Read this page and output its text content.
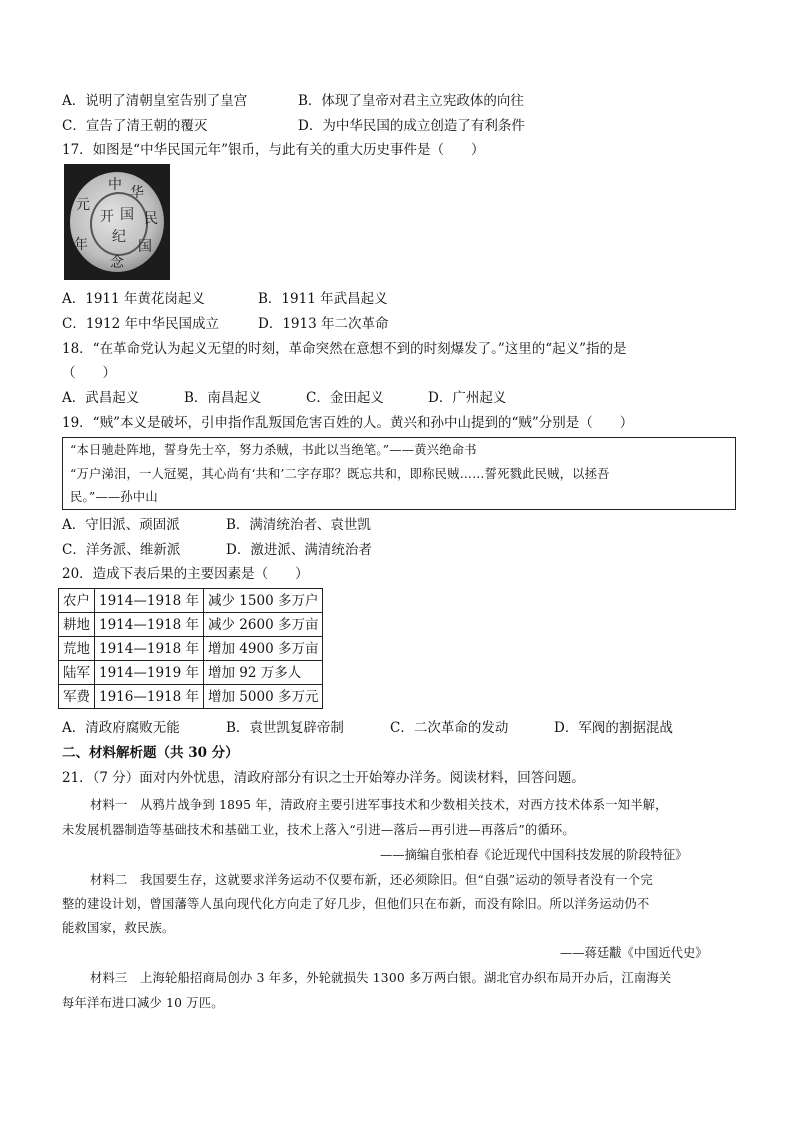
A．说明了清朝皇室告别了皇宫	B．体现了皇帝对君主立宪政体的向往
C．宣告了清王朝的覆灭	D．为中华民国的成立创造了有利条件
17．如图是“中华民国元年”银币，与此有关的重大历史事件是（　　）
中 华
民
国
元
年
开 国
纪
念
A．1911 年黄花岗起义	B．1911 年武昌起义
C．1912 年中华民国成立	D．1913 年二次革命
18．“在革命党认为起义无望的时刻，革命突然在意想不到的时刻爆发了。”这里的“起义”指的是
（　　）
A．武昌起义	B．南昌起义	C．金田起义	D．广州起义
19．“贼”本义是破坏，引申指作乱叛国危害百姓的人。黄兴和孙中山提到的“贼”分别是（　　）
“本日驰赴阵地，誓身先士卒，努力杀贼，书此以当绝笔。”——黄兴绝命书
“万户涕泪，一人冠冕，其心尚有‘共和’二字存耶？既忘共和，即称民贼……誓死戮此民贼，以拯吾
民。”——孙中山
A．守旧派、顽固派	B．满清统治者、袁世凯
C．洋务派、维新派	D．激进派、满清统治者
20．造成下表后果的主要因素是（　　）
农户	1914—1918 年	减少 1500 多万户
耕地	1914—1918 年	减少 2600 多万亩
荒地	1914—1918 年	增加 4900 多万亩
陆军	1914—1919 年	增加 92 万多人
军费	1916—1918 年	增加 5000 多万元
A．清政府腐败无能	B．袁世凯复辟帝制	C．二次革命的发动	D．军阀的割据混战
二、材料解析题（共 30 分）
21．（7 分）面对内外忧患，清政府部分有识之士开始筹办洋务。阅读材料，回答问题。
材料一　从鸦片战争到 1895 年，清政府主要引进军事技术和少数相关技术，对西方技术体系一知半解，
未发展机器制造等基础技术和基础工业，技术上落入“引进—落后—再引进—再落后”的循环。
——摘编自张柏春《论近现代中国科技发展的阶段特征》
材料二　我国要生存，这就要求洋务运动不仅要布新，还必须除旧。但“自强”运动的领导者没有一个完
整的建设计划，曾国藩等人虽向现代化方向走了好几步，但他们只在布新，而没有除旧。所以洋务运动仍不
能救国家，救民族。
——蒋廷黻《中国近代史》
材料三　上海轮船招商局创办 3 年多，外轮就损失 1300 多万两白银。湖北官办织布局开办后，江南海关
每年洋布进口减少 10 万匹。
